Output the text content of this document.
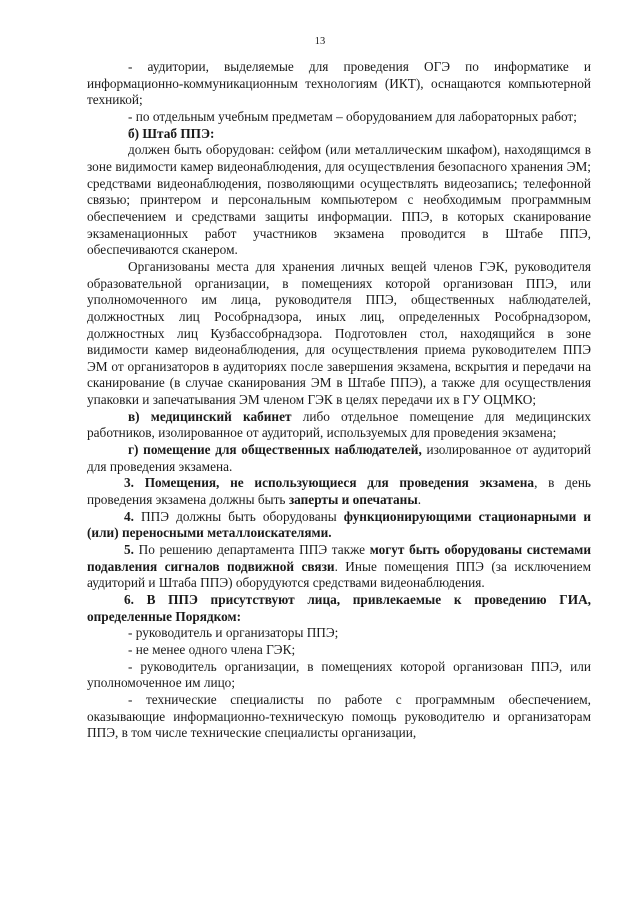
13

- аудитории, выделяемые для проведения ОГЭ по информатике и информационно-коммуникационным технологиям (ИКТ), оснащаются компьютерной техникой;

- по отдельным учебным предметам – оборудованием для лабораторных работ;

б) Штаб ППЭ:

должен быть оборудован: сейфом (или металлическим шкафом), находящимся в зоне видимости камер видеонаблюдения, для осуществления безопасного хранения ЭМ; средствами видеонаблюдения, позволяющими осуществлять видеозапись; телефонной связью; принтером и персональным компьютером с необходимым программным обеспечением и средствами защиты информации. ППЭ, в которых сканирование экзаменационных работ участников экзамена проводится в Штабе ППЭ, обеспечиваются сканером.

Организованы места для хранения личных вещей членов ГЭК, руководителя образовательной организации, в помещениях которой организован ППЭ, или уполномоченного им лица, руководителя ППЭ, общественных наблюдателей, должностных лиц Рособрнадзора, иных лиц, определенных Рособрнадзором, должностных лиц Кузбассобрнадзора. Подготовлен стол, находящийся в зоне видимости камер видеонаблюдения, для осуществления приема руководителем ППЭ ЭМ от организаторов в аудиториях после завершения экзамена, вскрытия и передачи на сканирование (в случае сканирования ЭМ в Штабе ППЭ), а также для осуществления упаковки и запечатывания ЭМ членом ГЭК в целях передачи их в ГУ ОЦМКО;

в) медицинский кабинет либо отдельное помещение для медицинских работников, изолированное от аудиторий, используемых для проведения экзамена;

г) помещение для общественных наблюдателей, изолированное от аудиторий для проведения экзамена.

3. Помещения, не использующиеся для проведения экзамена, в день проведения экзамена должны быть заперты и опечатаны.

4. ППЭ должны быть оборудованы функционирующими стационарными и (или) переносными металлоискателями.

5. По решению департамента ППЭ также могут быть оборудованы системами подавления сигналов подвижной связи. Иные помещения ППЭ (за исключением аудиторий и Штаба ППЭ) оборудуются средствами видеонаблюдения.

6. В ППЭ присутствуют лица, привлекаемые к проведению ГИА, определенные Порядком:

- руководитель и организаторы ППЭ;

- не менее одного члена ГЭК;

- руководитель организации, в помещениях которой организован ППЭ, или уполномоченное им лицо;

- технические специалисты по работе с программным обеспечением, оказывающие информационно-техническую помощь руководителю и организаторам ППЭ, в том числе технические специалисты организации,
